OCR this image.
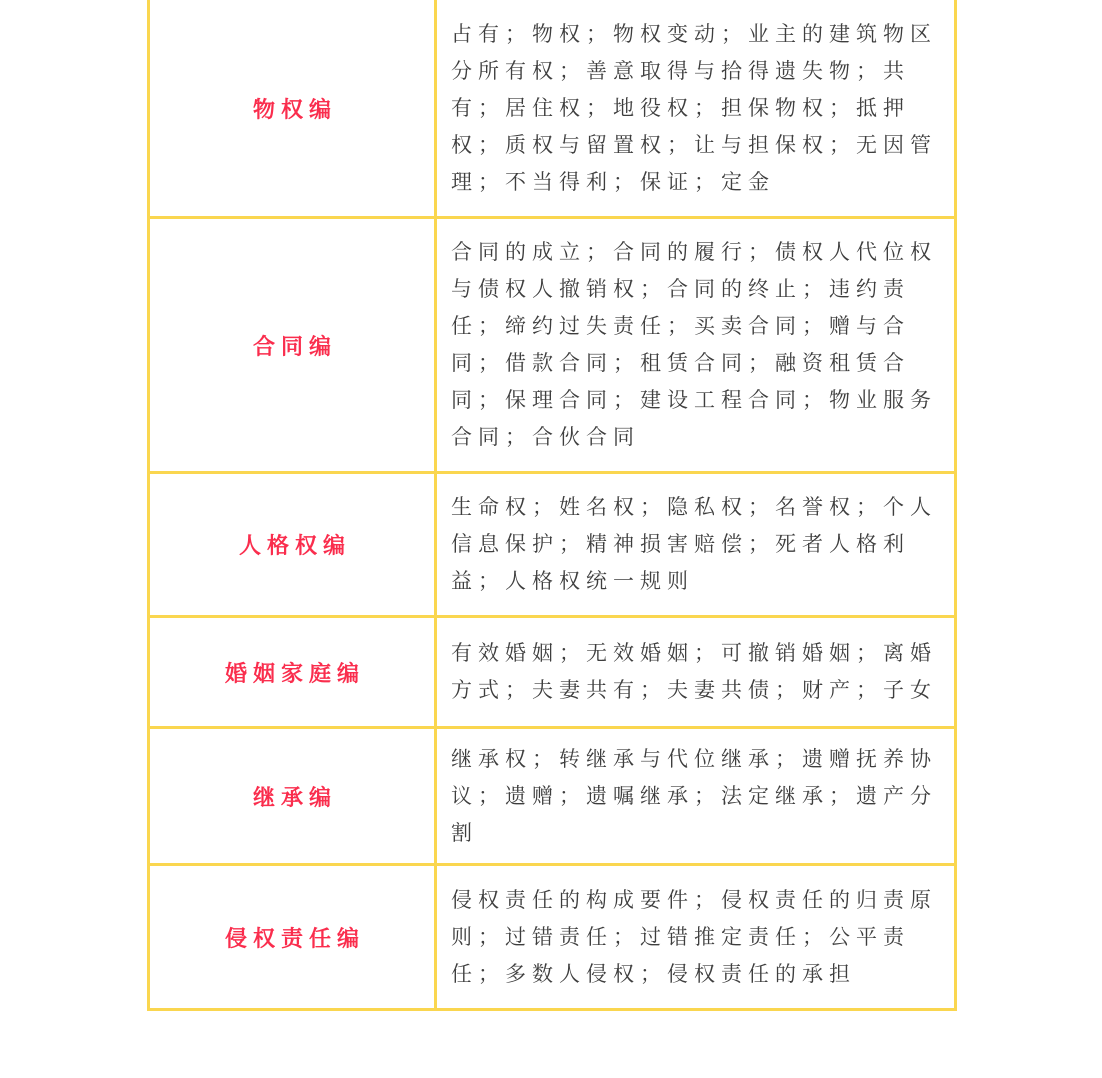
物权编

占有；物权；物权变动；业主的建筑物区分所有权；善意取得与拾得遗失物；共有；居住权；地役权；担保物权；抵押权；质权与留置权；让与担保权；无因管理；不当得利；保证；定金

合同编

合同的成立；合同的履行；债权人代位权与债权人撤销权；合同的终止；违约责任；缔约过失责任；买卖合同；赠与合同；借款合同；租赁合同；融资租赁合同；保理合同；建设工程合同；物业服务合同；合伙合同

人格权编

生命权；姓名权；隐私权；名誉权；个人信息保护；精神损害赔偿；死者人格利益；人格权统一规则

婚姻家庭编

有效婚姻；无效婚姻；可撤销婚姻；离婚方式；夫妻共有；夫妻共债；财产；子女

继承编

继承权；转继承与代位继承；遗赠抚养协议；遗赠；遗嘱继承；法定继承；遗产分割

侵权责任编

侵权责任的构成要件；侵权责任的归责原则；过错责任；过错推定责任；公平责任；多数人侵权；侵权责任的承担
